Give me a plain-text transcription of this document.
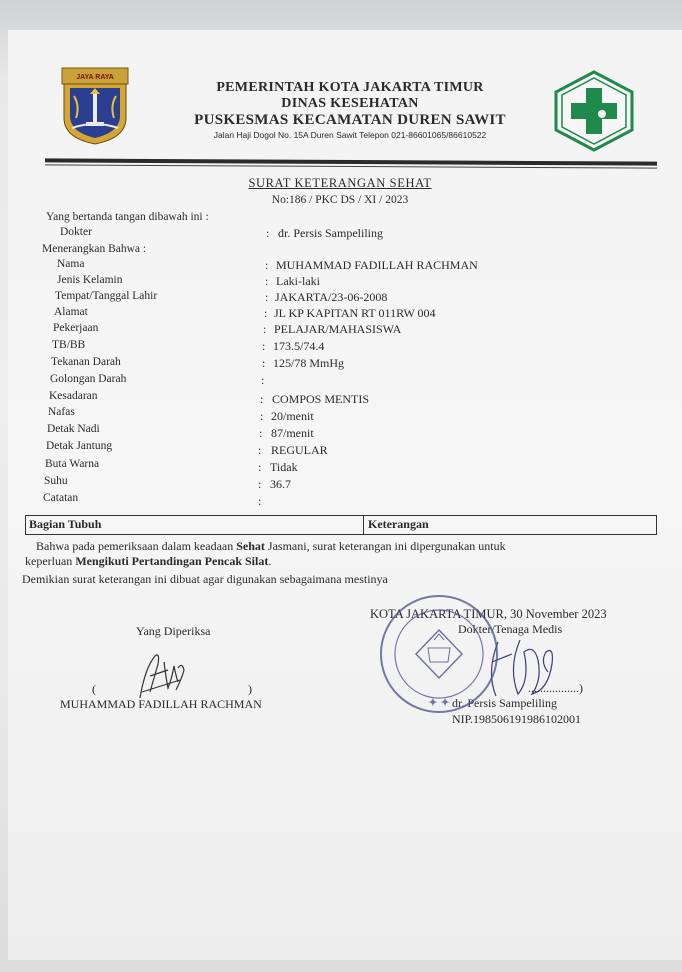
JAYA RAYA
PEMERINTAH KOTA JAKARTA TIMUR
DINAS KESEHATAN
PUSKESMAS KECAMATAN DUREN SAWIT
Jalan Haji Dogol No. 15A Duren Sawit Telepon 021-86601065/86610522
SURAT KETERANGAN SEHAT
No:186 / PKC DS / XI / 2023
Yang bertanda tangan dibawah ini :
Dokter	: dr. Persis Sampeliling
Menerangkan Bahwa :
Nama	: MUHAMMAD FADILLAH RACHMAN
Jenis Kelamin	: Laki-laki
Tempat/Tanggal Lahir	: JAKARTA/23-06-2008
Alamat	: JL KP KAPITAN RT 011RW 004
Pekerjaan	: PELAJAR/MAHASISWA
TB/BB	: 173.5/74.4
Tekanan Darah	: 125/78 MmHg
Golongan Darah	:
Kesadaran	: COMPOS MENTIS
Nafas	: 20/menit
Detak Nadi	: 87/menit
Detak Jantung	: REGULAR
Buta Warna	: Tidak
Suhu	: 36.7
Catatan	:
Bagian Tubuh	Keterangan
Bahwa pada pemeriksaan dalam keadaan Sehat Jasmani, surat keterangan ini dipergunakan untuk
keperluan Mengikuti Pertandingan Pencak Silat.
Demikian surat keterangan ini dibuat agar digunakan sebagaimana mestinya
KOTA JAKARTA TIMUR, 30 November 2023
Yang Diperiksa	Dokter/Tenaga Medis
(	)
MUHAMMAD FADILLAH RACHMAN
.................)
dr. Persis Sampeliling
NIP.198506191986102001
✦ ✦
